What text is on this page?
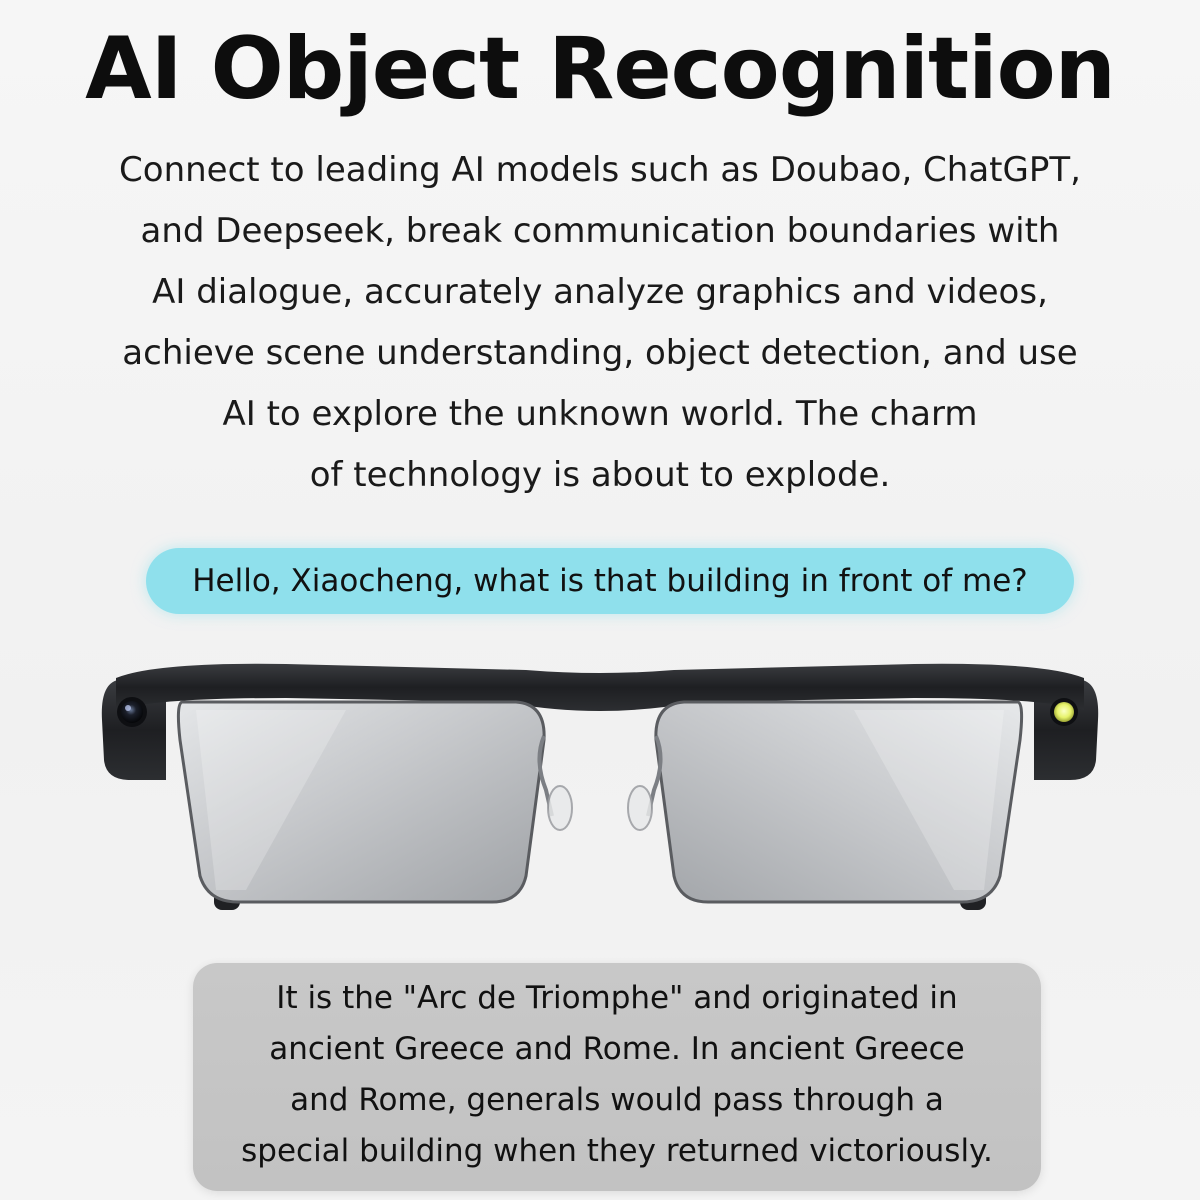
AI Object Recognition

Connect to leading AI models such as Doubao, ChatGPT,
and Deepseek, break communication boundaries with
AI dialogue, accurately analyze graphics and videos,
achieve scene understanding, object detection, and use
AI to explore the unknown world. The charm
of technology is about to explode.

Hello, Xiaocheng, what is that building in front of me?

It is the "Arc de Triomphe" and originated in
ancient Greece and Rome. In ancient Greece
and Rome, generals would pass through a
special building when they returned victoriously.
